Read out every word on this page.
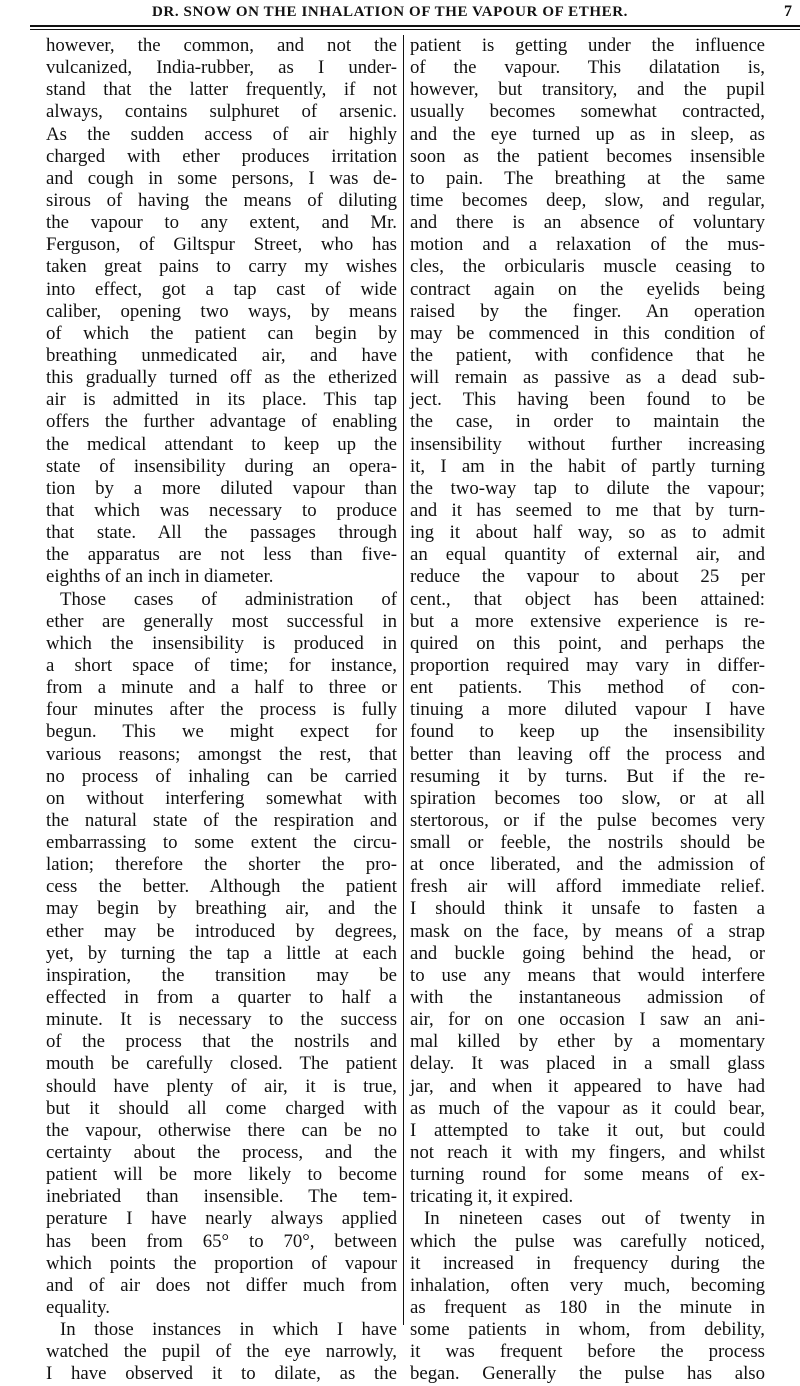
DR. SNOW ON THE INHALATION OF THE VAPOUR OF ETHER.	7
however, the common, and not the
vulcanized, India-rubber, as I under-
stand that the latter frequently, if not
always, contains sulphuret of arsenic.
As the sudden access of air highly
charged with ether produces irritation
and cough in some persons, I was de-
sirous of having the means of diluting
the vapour to any extent, and Mr.
Ferguson, of Giltspur Street, who has
taken great pains to carry my wishes
into effect, got a tap cast of wide
caliber, opening two ways, by means
of which the patient can begin by
breathing unmedicated air, and have
this gradually turned off as the etherized
air is admitted in its place. This tap
offers the further advantage of enabling
the medical attendant to keep up the
state of insensibility during an opera-
tion by a more diluted vapour than
that which was necessary to produce
that state. All the passages through
the apparatus are not less than five-
eighths of an inch in diameter.
Those cases of administration of
ether are generally most successful in
which the insensibility is produced in
a short space of time; for instance,
from a minute and a half to three or
four minutes after the process is fully
begun. This we might expect for
various reasons; amongst the rest, that
no process of inhaling can be carried
on without interfering somewhat with
the natural state of the respiration and
embarrassing to some extent the circu-
lation; therefore the shorter the pro-
cess the better. Although the patient
may begin by breathing air, and the
ether may be introduced by degrees,
yet, by turning the tap a little at each
inspiration, the transition may be
effected in from a quarter to half a
minute. It is necessary to the success
of the process that the nostrils and
mouth be carefully closed. The patient
should have plenty of air, it is true,
but it should all come charged with
the vapour, otherwise there can be no
certainty about the process, and the
patient will be more likely to become
inebriated than insensible. The tem-
perature I have nearly always applied
has been from 65° to 70°, between
which points the proportion of vapour
and of air does not differ much from
equality.
In those instances in which I have
watched the pupil of the eye narrowly,
I have observed it to dilate, as the
patient is getting under the influence
of the vapour. This dilatation is,
however, but transitory, and the pupil
usually becomes somewhat contracted,
and the eye turned up as in sleep, as
soon as the patient becomes insensible
to pain. The breathing at the same
time becomes deep, slow, and regular,
and there is an absence of voluntary
motion and a relaxation of the mus-
cles, the orbicularis muscle ceasing to
contract again on the eyelids being
raised by the finger. An operation
may be commenced in this condition of
the patient, with confidence that he
will remain as passive as a dead sub-
ject. This having been found to be
the case, in order to maintain the
insensibility without further increasing
it, I am in the habit of partly turning
the two-way tap to dilute the vapour;
and it has seemed to me that by turn-
ing it about half way, so as to admit
an equal quantity of external air, and
reduce the vapour to about 25 per
cent., that object has been attained:
but a more extensive experience is re-
quired on this point, and perhaps the
proportion required may vary in differ-
ent patients. This method of con-
tinuing a more diluted vapour I have
found to keep up the insensibility
better than leaving off the process and
resuming it by turns. But if the re-
spiration becomes too slow, or at all
stertorous, or if the pulse becomes very
small or feeble, the nostrils should be
at once liberated, and the admission of
fresh air will afford immediate relief.
I should think it unsafe to fasten a
mask on the face, by means of a strap
and buckle going behind the head, or
to use any means that would interfere
with the instantaneous admission of
air, for on one occasion I saw an ani-
mal killed by ether by a momentary
delay. It was placed in a small glass
jar, and when it appeared to have had
as much of the vapour as it could bear,
I attempted to take it out, but could
not reach it with my fingers, and whilst
turning round for some means of ex-
tricating it, it expired.
In nineteen cases out of twenty in
which the pulse was carefully noticed,
it increased in frequency during the
inhalation, often very much, becoming
as frequent as 180 in the minute in
some patients in whom, from debility,
it was frequent before the process
began. Generally the pulse has also
